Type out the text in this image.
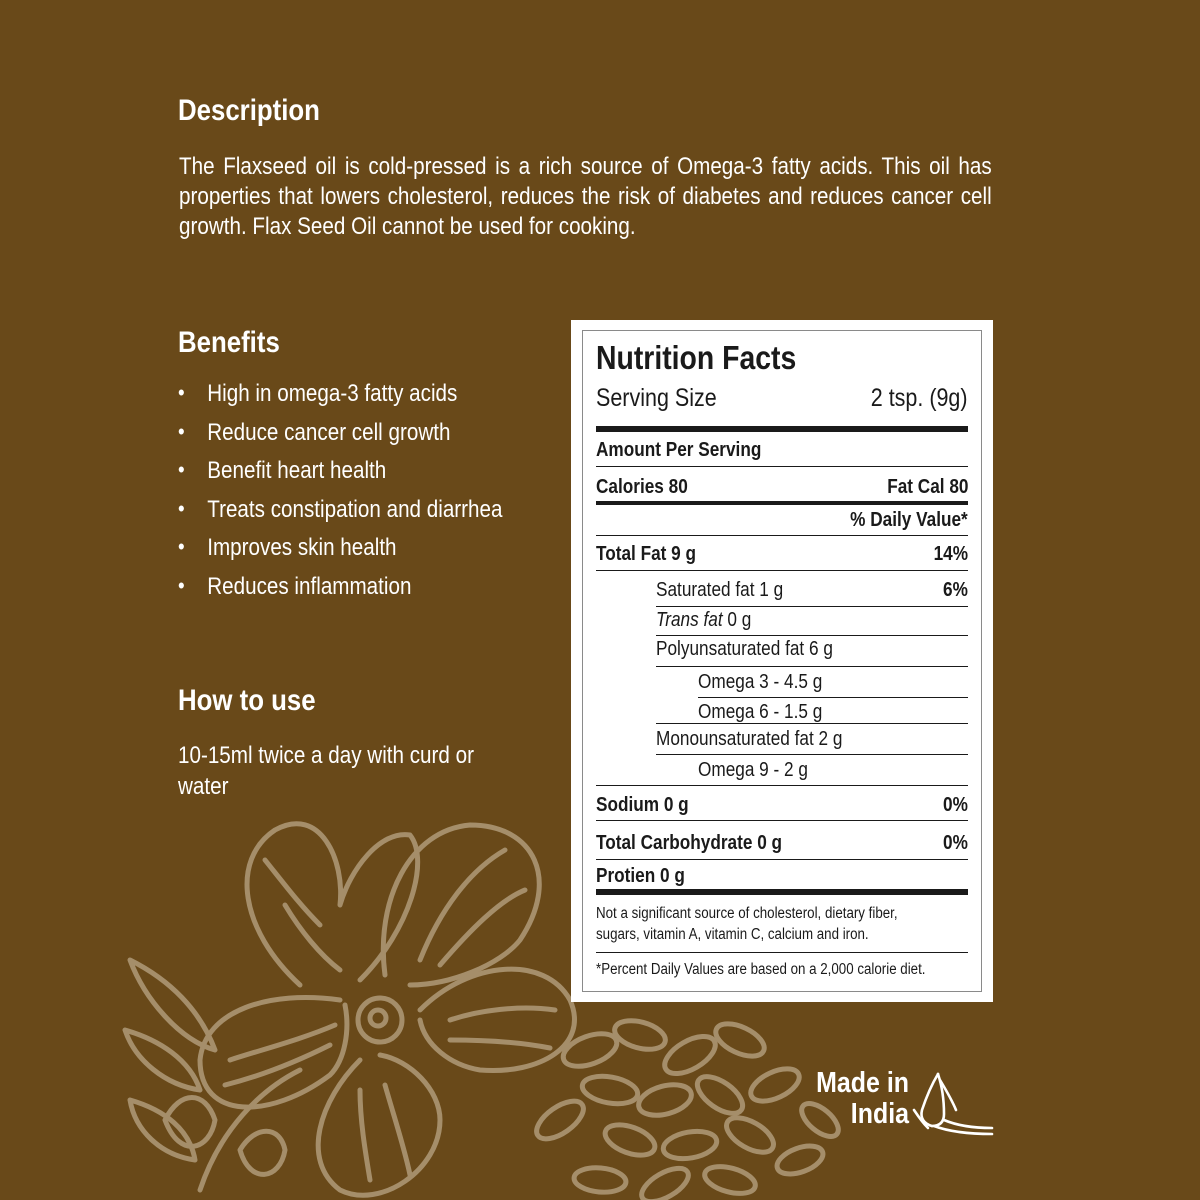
Description

The Flaxseed oil is cold-pressed is a rich source of Omega-3 fatty acids. This oil has properties that lowers cholesterol, reduces the risk of diabetes and reduces cancer cell growth. Flax Seed Oil cannot be used for cooking.

Benefits
• High in omega-3 fatty acids
• Reduce cancer cell growth
• Benefit heart health
• Treats constipation and diarrhea
• Improves skin health
• Reduces inflammation
How to use

10-15ml twice a day with curd or water

Nutrition Facts
Serving Size	2 tsp. (9g)
Amount Per Serving
Calories 80	Fat Cal 80
% Daily Value*
Total Fat 9 g	14%
Saturated fat 1 g	6%
Trans fat 0 g
Polyunsaturated fat 6 g
Omega 3 - 4.5 g
Omega 6 - 1.5 g
Monounsaturated fat 2 g
Omega 9 - 2 g
Sodium 0 g	0%
Total Carbohydrate 0 g	0%
Protien 0 g
Not a significant source of cholesterol, dietary fiber,
sugars, vitamin A, vitamin C, calcium and iron.
*Percent Daily Values are based on a 2,000 calorie diet.
Made in
India
